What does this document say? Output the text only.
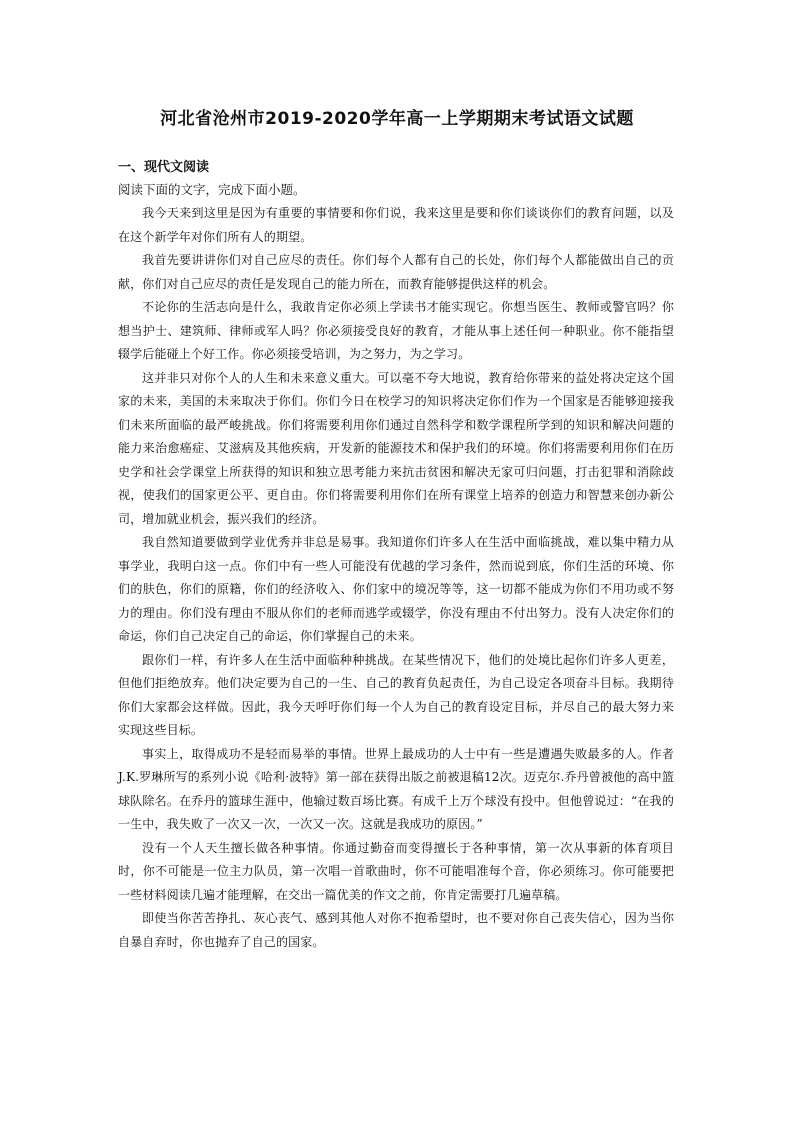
河北省沧州市2019-2020学年高一上学期期末考试语文试题

一、现代文阅读

阅读下面的文字，完成下面小题。

我今天来到这里是因为有重要的事情要和你们说，我来这里是要和你们谈谈你们的教育问题，以及在这个新学年对你们所有人的期望。

我首先要讲讲你们对自己应尽的责任。你们每个人都有自己的长处，你们每个人都能做出自己的贡献，你们对自己应尽的责任是发现自己的能力所在，而教育能够提供这样的机会。

不论你的生活志向是什么，我敢肯定你必须上学读书才能实现它。你想当医生、教师或警官吗？你想当护士、建筑师、律师或军人吗？你必须接受良好的教育，才能从事上述任何一种职业。你不能指望辍学后能碰上个好工作。你必须接受培训，为之努力，为之学习。

这并非只对你个人的人生和未来意义重大。可以毫不夸大地说，教育给你带来的益处将决定这个国家的未来，美国的未来取决于你们。你们今日在校学习的知识将决定你们作为一个国家是否能够迎接我们未来所面临的最严峻挑战。你们将需要利用你们通过自然科学和数学课程所学到的知识和解决问题的能力来治愈癌症、艾滋病及其他疾病，开发新的能源技术和保护我们的环境。你们将需要利用你们在历史学和社会学课堂上所获得的知识和独立思考能力来抗击贫困和解决无家可归问题，打击犯罪和消除歧视，使我们的国家更公平、更自由。你们将需要利用你们在所有课堂上培养的创造力和智慧来创办新公司，增加就业机会，振兴我们的经济。

我自然知道要做到学业优秀并非总是易事。我知道你们许多人在生活中面临挑战，难以集中精力从事学业，我明白这一点。你们中有一些人可能没有优越的学习条件，然而说到底，你们生活的环境、你们的肤色，你们的原籍，你们的经济收入、你们家中的境况等等，这一切都不能成为你们不用功或不努力的理由。你们没有理由不服从你们的老师而逃学或辍学，你没有理由不付出努力。没有人决定你们的命运，你们自己决定自己的命运，你们掌握自己的未来。

跟你们一样，有许多人在生活中面临种种挑战。在某些情况下，他们的处境比起你们许多人更差，但他们拒绝放弃。他们决定要为自己的一生、自己的教育负起责任，为自己设定各项奋斗目标。我期待你们大家都会这样做。因此，我今天呼吁你们每一个人为自己的教育设定目标，并尽自己的最大努力来实现这些目标。

事实上，取得成功不是轻而易举的事情。世界上最成功的人士中有一些是遭遇失败最多的人。作者J.K.罗琳所写的系列小说《哈利·波特》第一部在获得出版之前被退稿12次。迈克尔.乔丹曾被他的高中篮球队除名。在乔丹的篮球生涯中，他输过数百场比赛。有成千上万个球没有投中。但他曾说过：“在我的一生中，我失败了一次又一次，一次又一次。这就是我成功的原因。”

没有一个人天生擅长做各种事情。你通过勤奋而变得擅长于各种事情，第一次从事新的体育项目时，你不可能是一位主力队员，第一次唱一首歌曲时，你不可能唱准每个音，你必须练习。你可能要把一些材料阅读几遍才能理解，在交出一篇优美的作文之前，你肯定需要打几遍草稿。

即使当你苦苦挣扎、灰心丧气、感到其他人对你不抱希望时，也不要对你自己丧失信心，因为当你自暴自弃时，你也抛弃了自己的国家。
